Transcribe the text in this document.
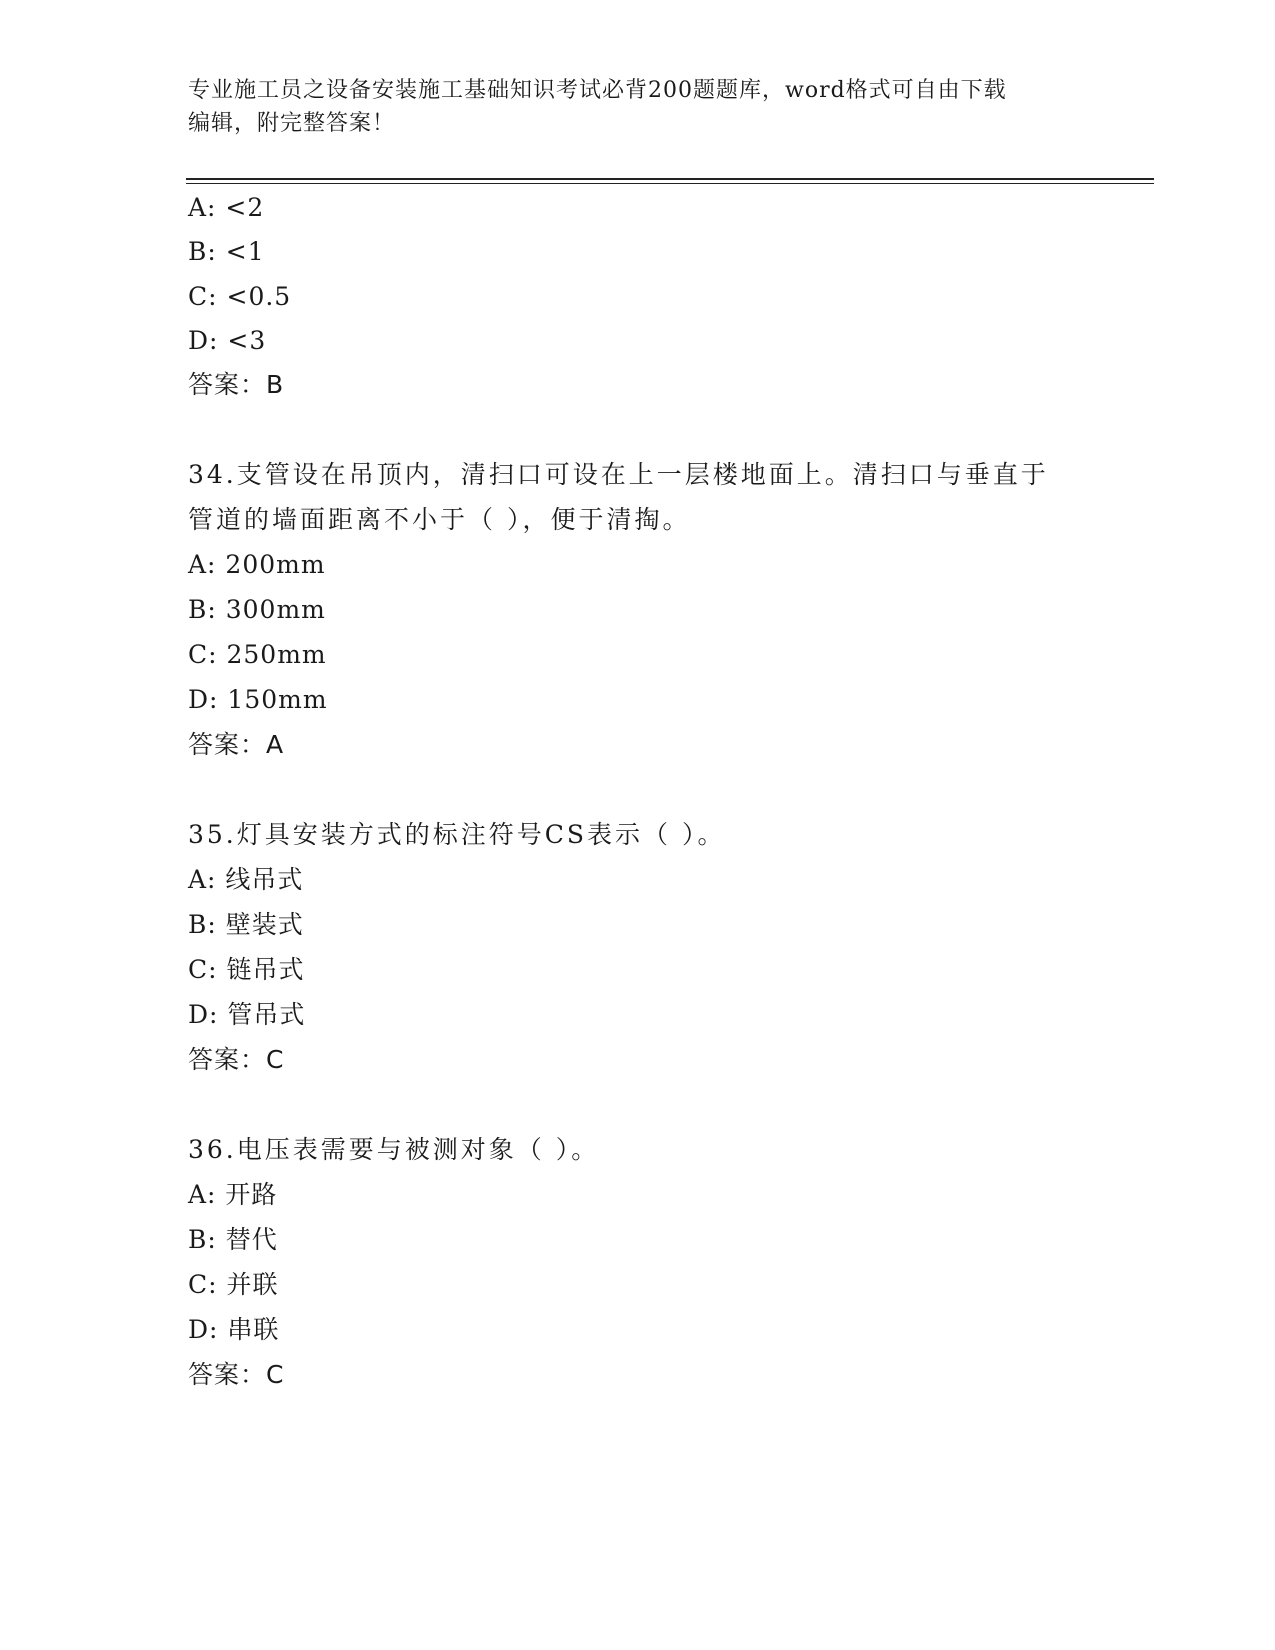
专业施工员之设备安装施工基础知识考试必背200题题库，word格式可自由下载
编辑，附完整答案！
A: <2
B: <1
C: <0.5
D: <3
答案：B
34.支管设在吊顶内，清扫口可设在上一层楼地面上。清扫口与垂直于
管道的墙面距离不小于（ ），便于清掏。
A: 200mm
B: 300mm
C: 250mm
D: 150mm
答案：A
35.灯具安装方式的标注符号CS表示（ ）。
A: 线吊式
B: 壁装式
C: 链吊式
D: 管吊式
答案：C
36.电压表需要与被测对象（ ）。
A: 开路
B: 替代
C: 并联
D: 串联
答案：C
